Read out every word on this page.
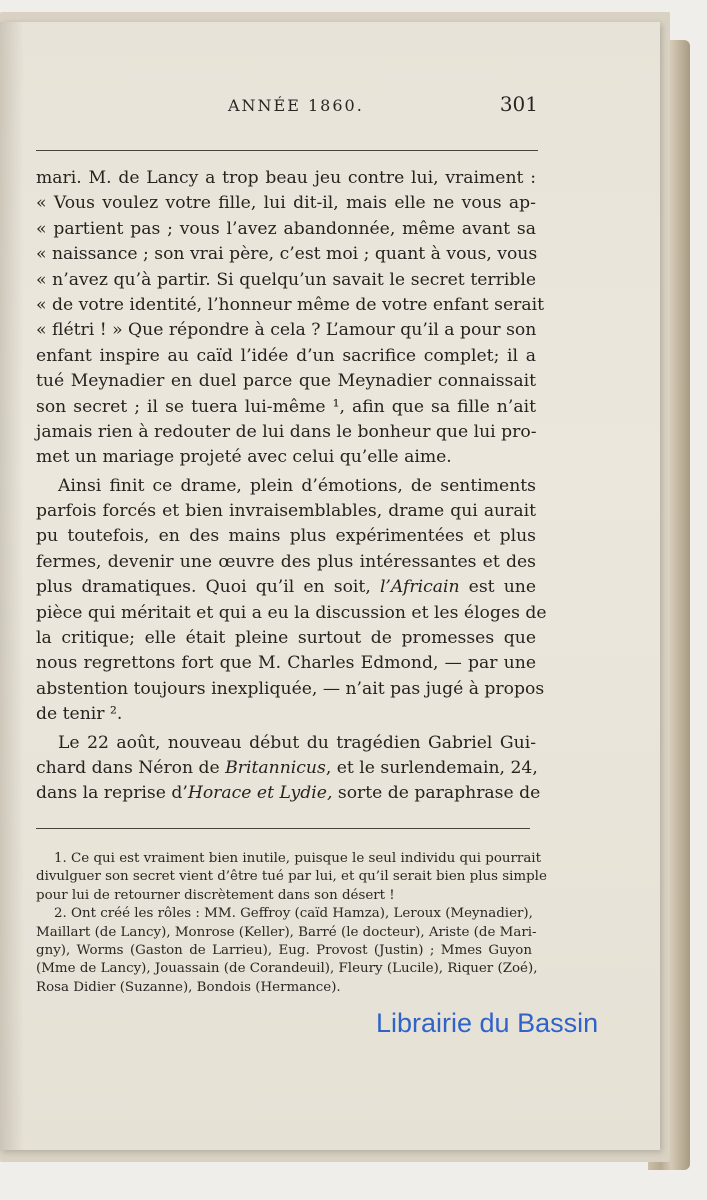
ANNÉE 1860.	301
mari. M. de Lancy a trop beau jeu contre lui, vraiment :
« Vous voulez votre fille, lui dit-il, mais elle ne vous ap-
« partient pas ; vous l’avez abandonnée, même avant sa
« naissance ; son vrai père, c’est moi ; quant à vous, vous
« n’avez qu’à partir. Si quelqu’un savait le secret terrible
« de votre identité, l’honneur même de votre enfant serait
« flétri ! » Que répondre à cela ? L’amour qu’il a pour son
enfant inspire au caïd l’idée d’un sacrifice complet; il a
tué Meynadier en duel parce que Meynadier connaissait
son secret ; il se tuera lui-même ¹, afin que sa fille n’ait
jamais rien à redouter de lui dans le bonheur que lui pro-
met un mariage projeté avec celui qu’elle aime.
Ainsi finit ce drame, plein d’émotions, de sentiments
parfois forcés et bien invraisemblables, drame qui aurait
pu toutefois, en des mains plus expérimentées et plus
fermes, devenir une œuvre des plus intéressantes et des
plus dramatiques. Quoi qu’il en soit, l’Africain est une
pièce qui méritait et qui a eu la discussion et les éloges de
la critique; elle était pleine surtout de promesses que
nous regrettons fort que M. Charles Edmond, — par une
abstention toujours inexpliquée, — n’ait pas jugé à propos
de tenir ².
Le 22 août, nouveau début du tragédien Gabriel Gui-
chard dans Néron de Britannicus, et le surlendemain, 24,
dans la reprise d’Horace et Lydie, sorte de paraphrase de
1. Ce qui est vraiment bien inutile, puisque le seul individu qui pourrait
divulguer son secret vient d’être tué par lui, et qu’il serait bien plus simple
pour lui de retourner discrètement dans son désert !
2. Ont créé les rôles : MM. Geffroy (caïd Hamza), Leroux (Meynadier),
Maillart (de Lancy), Monrose (Keller), Barré (le docteur), Ariste (de Mari-
gny), Worms (Gaston de Larrieu), Eug. Provost (Justin) ; Mmes Guyon
(Mme de Lancy), Jouassain (de Corandeuil), Fleury (Lucile), Riquer (Zoé),
Rosa Didier (Suzanne), Bondois (Hermance).
Librairie du Bassin
